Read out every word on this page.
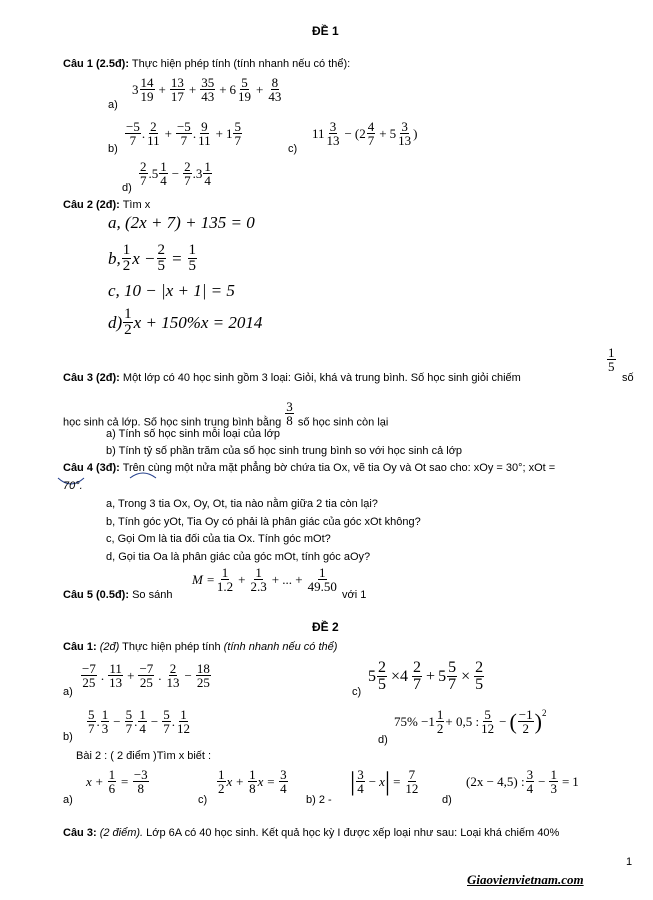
ĐỀ 1
Câu 1 (2.5đ): Thực hiện phép tính (tính nhanh nếu có thể):
a)
$3 \frac{14}{19} + \frac{13}{17} + \frac{35}{43} + 6 \frac{5}{19} + \frac{8}{43}$
b)
$\frac{-5}{7}$ . $\frac{2}{11} + \frac{-5}{7}$ . $\frac{9}{11} + 1 \frac{5}{7}$
c)
$11 \frac{3}{13} - (2 \frac{4}{7} + 5 \frac{3}{13}$ )
d)
$\frac{2}{7} .5 \frac{1}{4} - \frac{2}{7} .3 \frac{1}{4}$
Câu 2 (2đ): Tìm x
a, (2x + 7) + 135 = 0
b, $\frac{1}{2}$ $x - \frac{2}{5} = \frac{1}{5}$
c, 10 − |x + 1| = 5
$d) \frac{1}{2}$ x + 150%x = 2014
Câu 3 (2đ): Một lớp có 40 học sinh gồm 3 loại: Giỏi, khá và trung bình. Số học sinh giỏi chiếm
$\frac{1}{5}$
số
học sinh cả lớp. Số học sinh trung bình bằng $\frac{3}{8}$ số học sinh còn lại
a) Tính số học sinh mỗi loại của lớp
b) Tính tỷ số phần trăm của số học sinh trung bình so với học sinh cả lớp
Câu 4 (3đ): Trên cùng một nửa mặt phẳng bờ chứa tia Ox, vẽ tia Oy và Ot sao cho: xOy = 30°; xOt =
70°.
a, Trong 3 tia Ox, Oy, Ot, tia nào nằm giữa 2 tia còn lại?
b, Tính góc yOt, Tia Oy có phải là phân giác của góc xOt không?
c, Gọi Om là tia đối của tia Ox. Tính góc mOt?
d, Gọi tia Oa là phân giác của góc mOt, tính góc aOy?
Câu 5 (0.5đ): So sánh
$M = \frac{1}{1.2} + \frac{1}{2.3}$ + ... + $\frac{1}{49.50}$
với 1
ĐỀ 2
Câu 1: (2đ) Thực hiện phép tính (tính nhanh nếu có thể)
a)
$\frac{-7}{25}$ . $\frac{11}{13} + \frac{-7}{25}$ . $\frac{2}{13} - \frac{18}{25}$
c)
$5 \frac{2}{5} \times 4 \frac{2}{7} + 5 \frac{5}{7} \times \frac{2}{5}$
b)
$\frac{5}{7}$ . $\frac{1}{3} - \frac{5}{7}$ . $\frac{1}{4} - \frac{5}{7}$ . $\frac{1}{12}$
d)
$75\% - 1 \frac{1}{2} + 0,5$ : $\frac{5}{12}$ − ( $\frac{-1}{2} )^2$
Bài 2 : ( 2 điểm )Tìm x biết :
a)
$x + \frac{1}{6} = \frac{-3}{8}$
c)
$\frac{1}{2}$ $x + \frac{1}{8}$ $x = \frac{3}{4}$
b) 2 -
| $\frac{3}{4} - x$ | = $\frac{7}{12}$
d)
(2x − 4,5) : $\frac{3}{4} - \frac{1}{3} = 1$
Câu 3: (2 điểm). Lớp 6A có 40 học sinh. Kết quả học kỳ I được xếp loại như sau: Loại khá chiếm 40%
1
Giaovienvietnam.com
